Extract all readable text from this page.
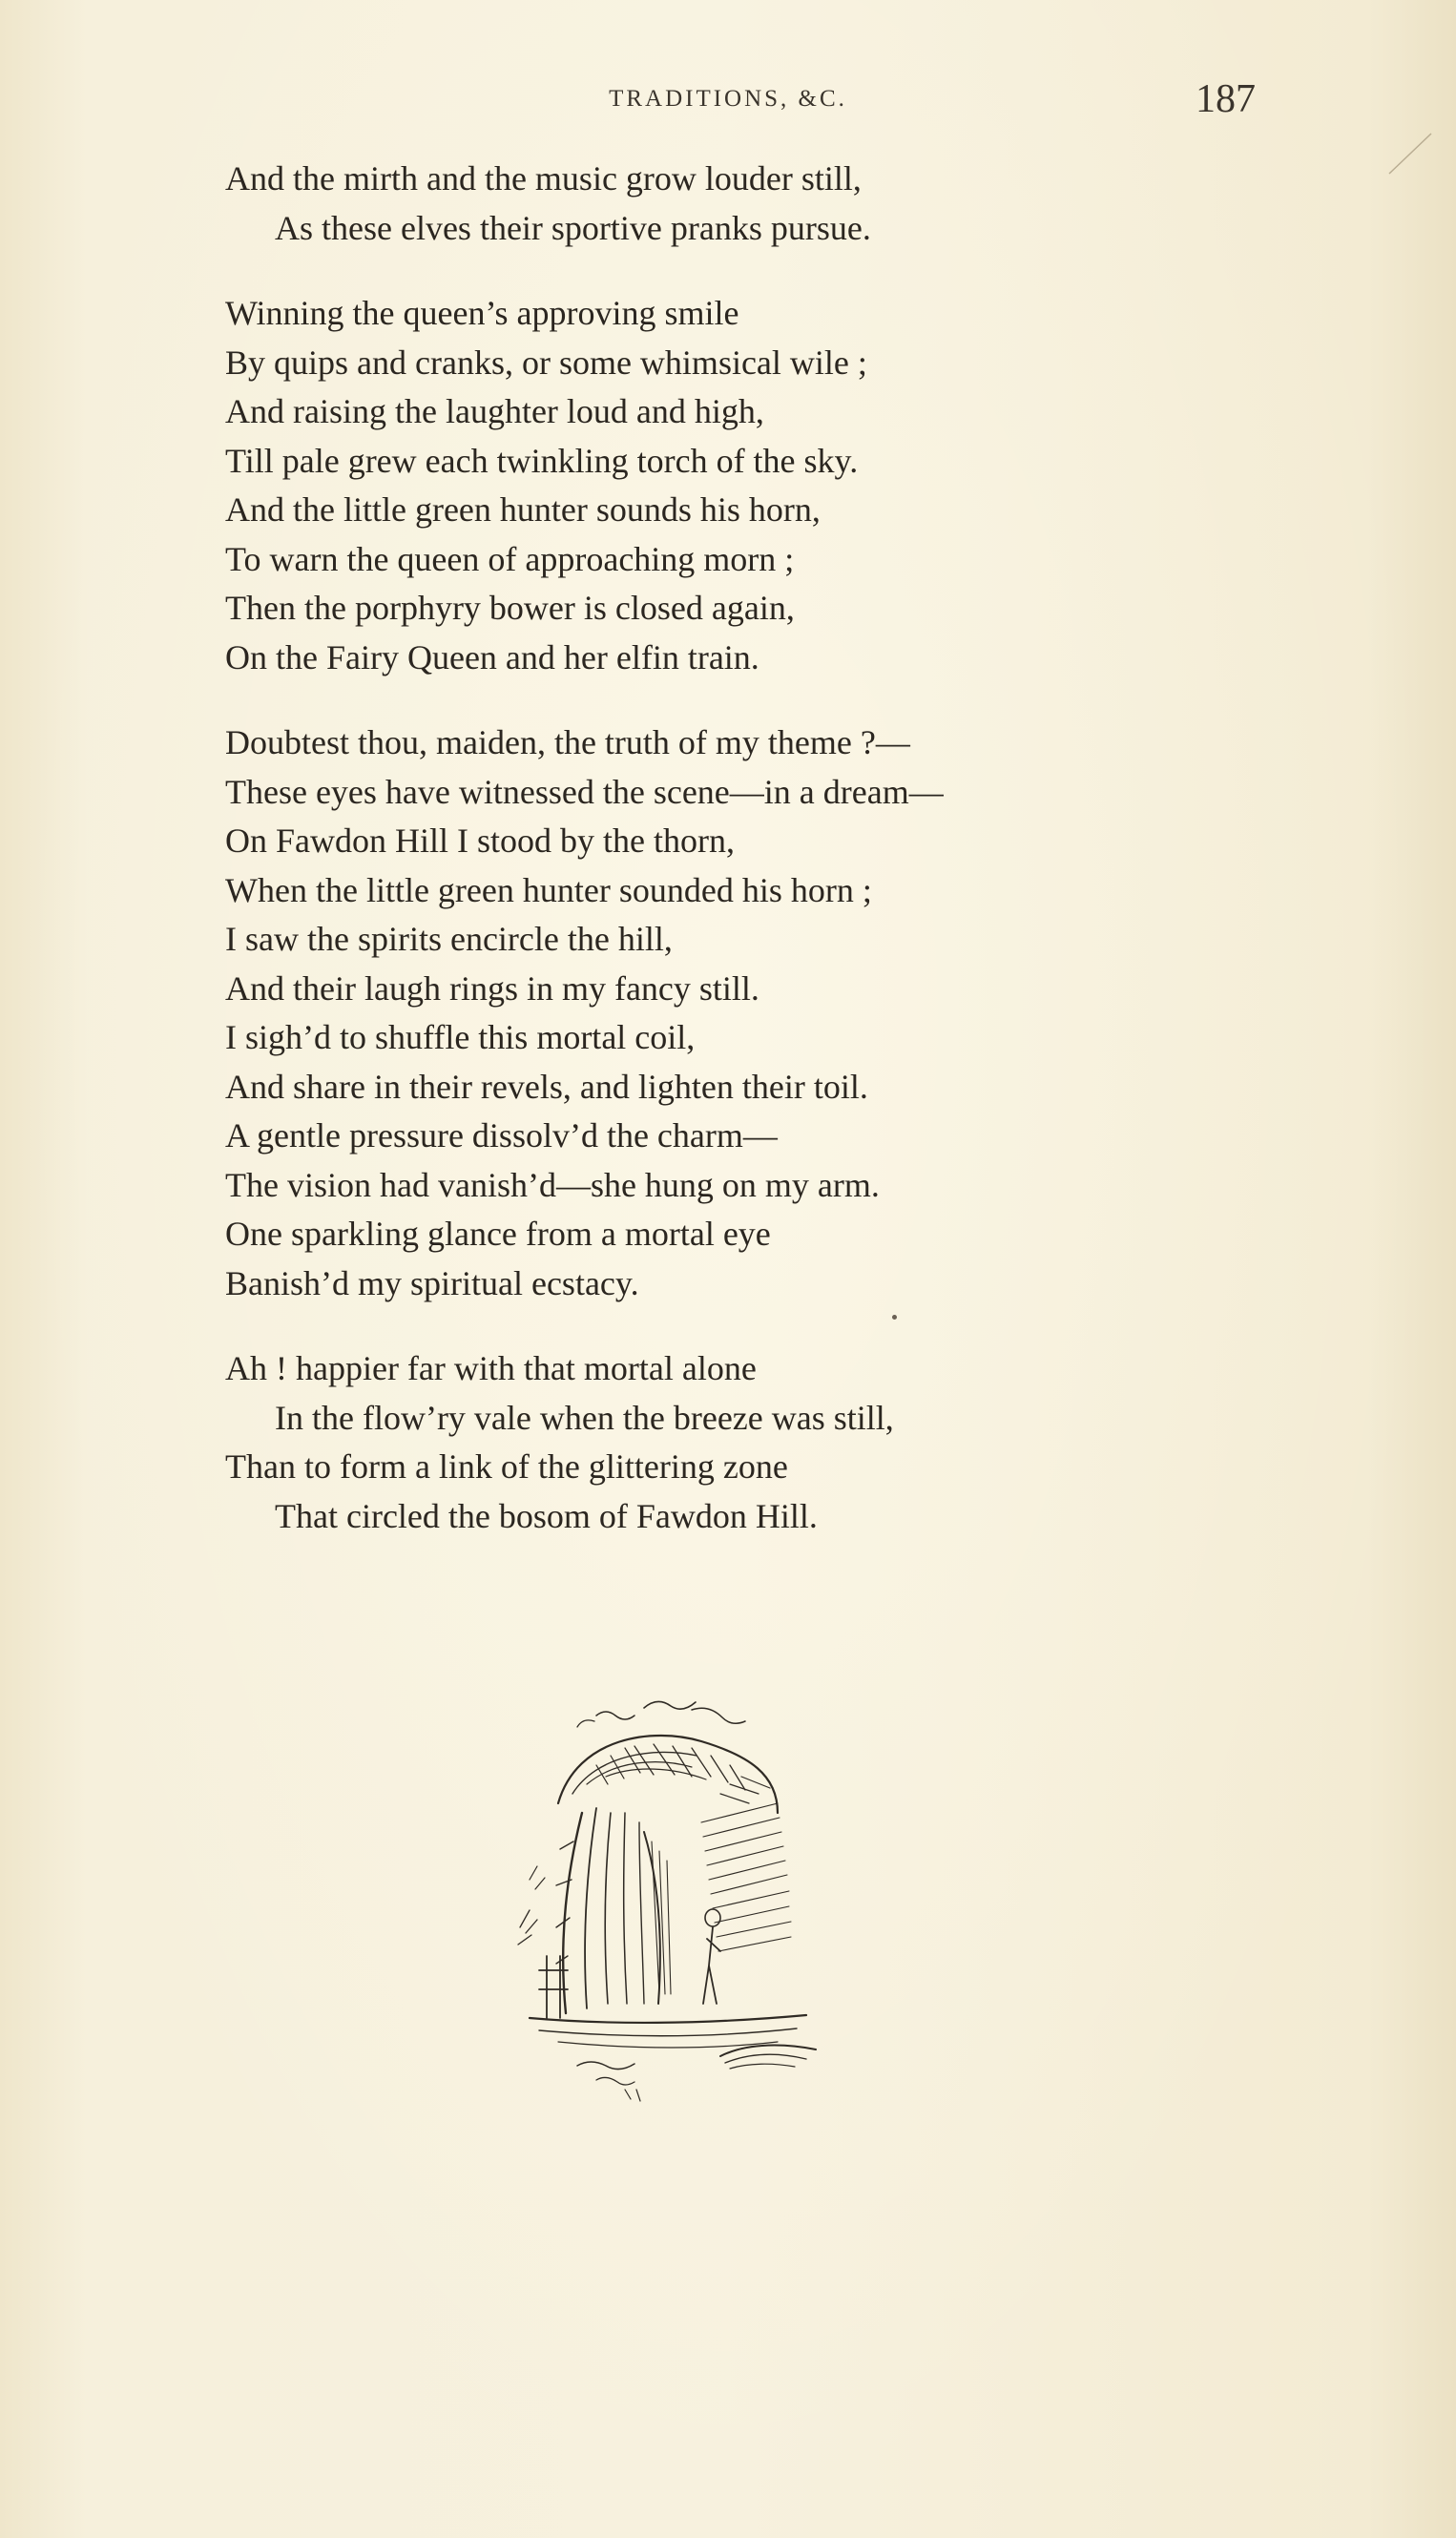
TRADITIONS, &C.	187
And the mirth and the music grow louder still,
As these elves their sportive pranks pursue.
Winning the queen’s approving smile
By quips and cranks, or some whimsical wile ;
And raising the laughter loud and high,
Till pale grew each twinkling torch of the sky.
And the little green hunter sounds his horn,
To warn the queen of approaching morn ;
Then the porphyry bower is closed again,
On the Fairy Queen and her elfin train.
Doubtest thou, maiden, the truth of my theme ?—
These eyes have witnessed the scene—in a dream—
On Fawdon Hill I stood by the thorn,
When the little green hunter sounded his horn ;
I saw the spirits encircle the hill,
And their laugh rings in my fancy still.
I sigh’d to shuffle this mortal coil,
And share in their revels, and lighten their toil.
A gentle pressure dissolv’d the charm—
The vision had vanish’d—she hung on my arm.
One sparkling glance from a mortal eye
Banish’d my spiritual ecstacy.
Ah ! happier far with that mortal alone
In the flow’ry vale when the breeze was still,
Than to form a link of the glittering zone
That circled the bosom of Fawdon Hill.
